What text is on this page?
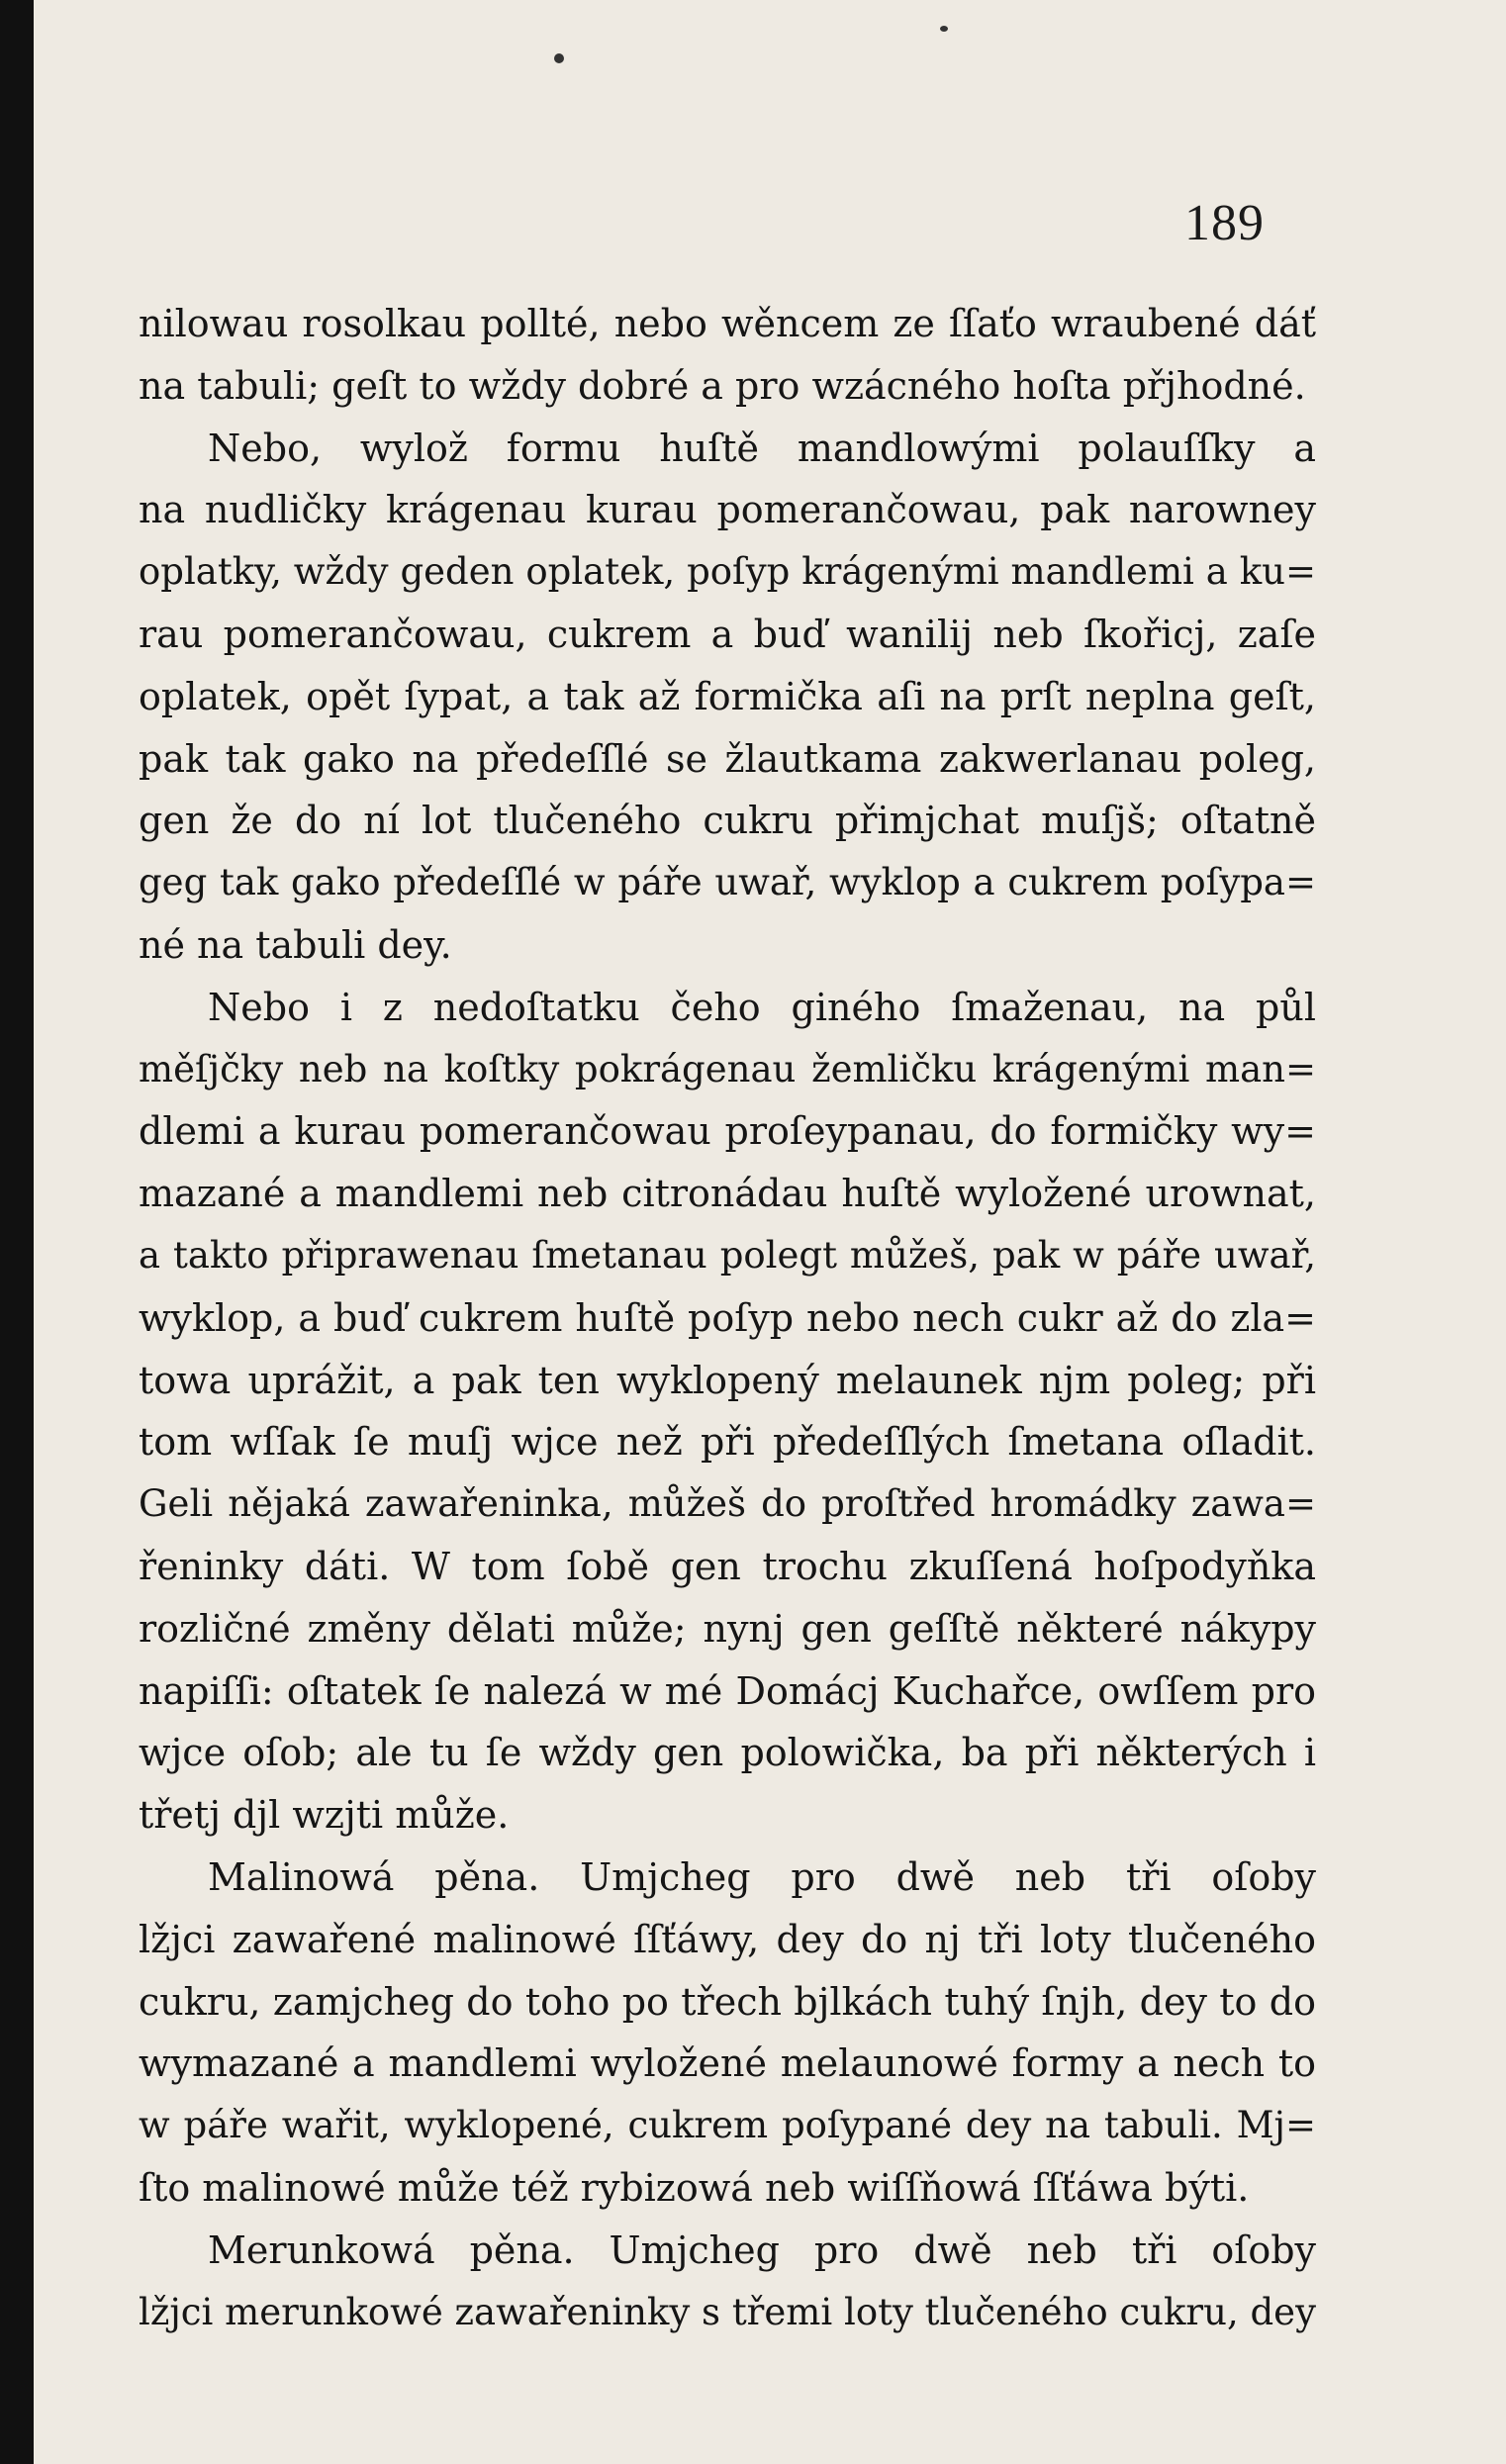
189
nilowau rosolkau pollté, nebo wěncem ze ſſaťo wraubené dáť
na tabuli; geſt to wždy dobré a pro wzácného hoſta přjhodné.
Nebo, wylož formu huſtě mandlowými polauſſky a
na nudličky krágenau kurau pomerančowau, pak narowney
oplatky, wždy geden oplatek, poſyp krágenými mandlemi a ku=
rau pomerančowau, cukrem a buď wanilij neb ſkořicj, zaſe
oplatek, opět ſypat, a tak až formička aſi na prſt neplna geſt,
pak tak gako na předeſſlé se žlautkama zakwerlanau poleg,
gen že do ní lot tlučeného cukru přimjchat muſjš; oſtatně
geg tak gako předeſſlé w páře uwař, wyklop a cukrem poſypa=
né na tabuli dey.
Nebo i z nedoſtatku čeho giného ſmaženau, na půl
měſjčky neb na koſtky pokrágenau žemličku krágenými man=
dlemi a kurau pomerančowau proſeypanau, do formičky wy=
mazané a mandlemi neb citronádau huſtě wyložené urownat,
a takto připrawenau ſmetanau polegt můžeš, pak w páře uwař,
wyklop, a buď cukrem huſtě poſyp nebo nech cukr až do zla=
towa uprážit, a pak ten wyklopený melaunek njm poleg; při
tom wſſak ſe muſj wjce než při předeſſlých ſmetana oſladit.
Geli nějaká zawařeninka, můžeš do proſtřed hromádky zawa=
řeninky dáti. W tom ſobě gen trochu zkuſſená hoſpodyňka
rozličné změny dělati může; nynj gen geſſtě některé nákypy
napiſſi: oſtatek ſe nalezá w mé Domácj Kuchařce, owſſem pro
wjce oſob; ale tu ſe wždy gen polowička, ba při některých i
třetj djl wzjti může.
Malinowá pěna. Umjcheg pro dwě neb tři oſoby
lžjci zawařené malinowé ſſťáwy, dey do nj tři loty tlučeného
cukru, zamjcheg do toho po třech bjlkách tuhý ſnjh, dey to do
wymazané a mandlemi wyložené melaunowé formy a nech to
w páře wařit, wyklopené, cukrem poſypané dey na tabuli. Mj=
ſto malinowé může též rybizowá neb wiſſňowá ſſťáwa býti.
Merunkowá pěna. Umjcheg pro dwě neb tři oſoby
lžjci merunkowé zawařeninky s třemi loty tlučeného cukru, dey
